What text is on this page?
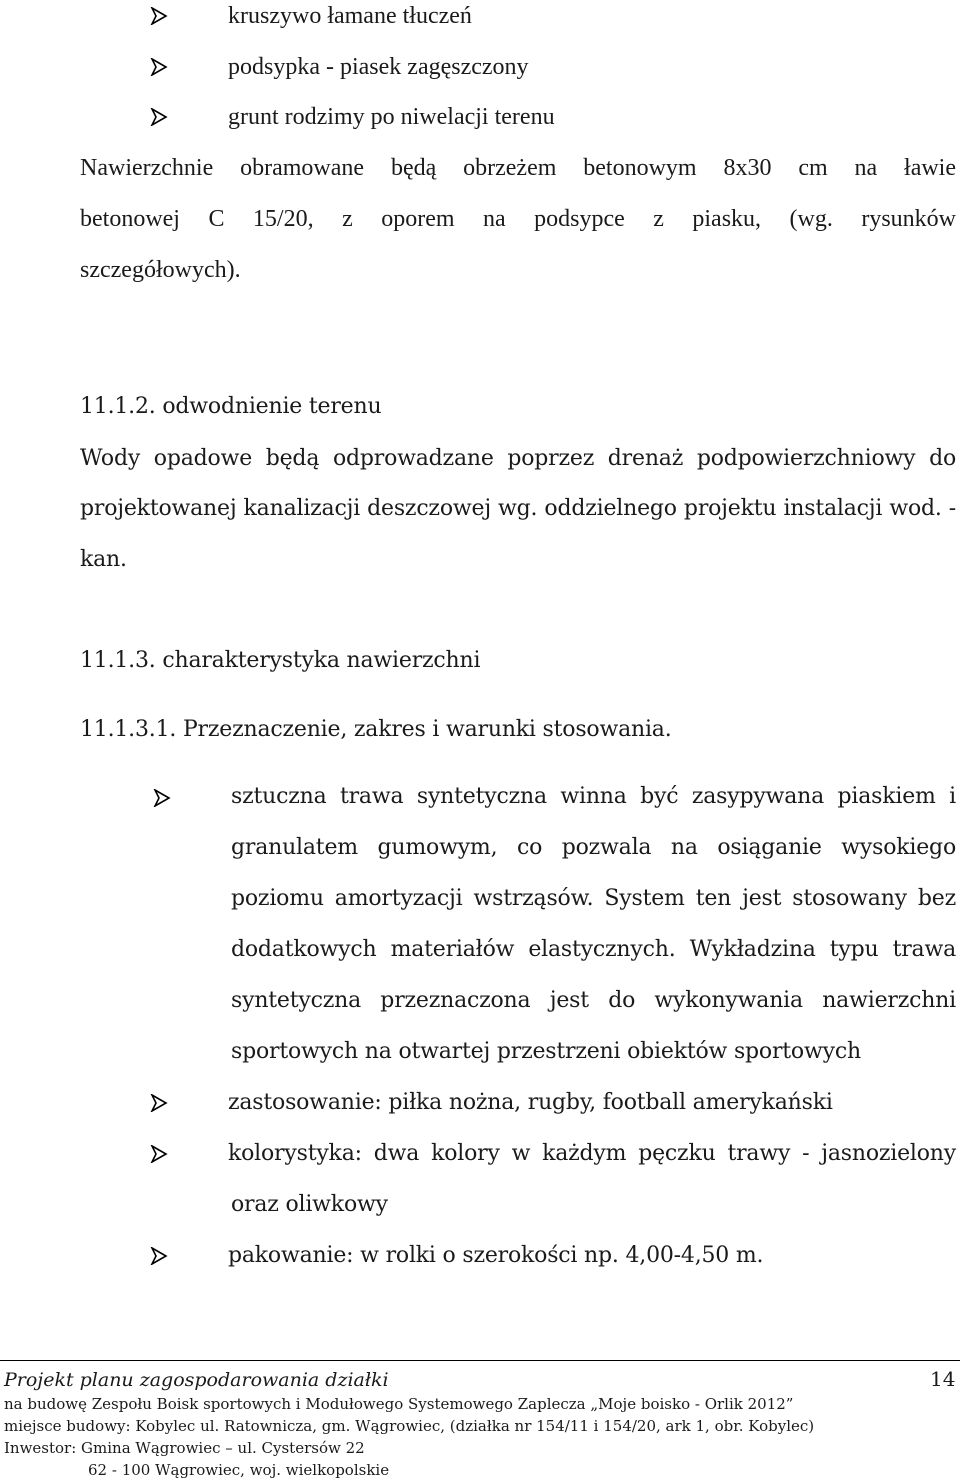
kruszywo łamane tłuczeń
podsypka - piasek zagęszczony
grunt rodzimy po niwelacji terenu
Nawierzchnie obramowane będą obrzeżem betonowym 8x30 cm na ławie
betonowej C 15/20, z oporem na podsypce z piasku, (wg. rysunków
szczegółowych).
11.1.2. odwodnienie terenu
Wody opadowe będą odprowadzane poprzez drenaż podpowierzchniowy do
projektowanej kanalizacji deszczowej wg. oddzielnego projektu instalacji wod. -
kan.
11.1.3. charakterystyka nawierzchni
11.1.3.1. Przeznaczenie, zakres i warunki stosowania.
sztuczna trawa syntetyczna winna być zasypywana piaskiem i
granulatem gumowym, co pozwala na osiąganie wysokiego
poziomu amortyzacji wstrząsów. System ten jest stosowany bez
dodatkowych materiałów elastycznych. Wykładzina typu trawa
syntetyczna przeznaczona jest do wykonywania nawierzchni
sportowych na otwartej przestrzeni obiektów sportowych
zastosowanie: piłka nożna, rugby, football amerykański
kolorystyka: dwa kolory w każdym pęczku trawy - jasnozielony
oraz oliwkowy
pakowanie: w rolki o szerokości np. 4,00-4,50 m.
Projekt planu zagospodarowania działki	14
na budowę Zespołu Boisk sportowych i Modułowego Systemowego Zaplecza „Moje boisko - Orlik 2012”
miejsce budowy: Kobylec ul. Ratownicza, gm. Wągrowiec, (działka nr 154/11 i 154/20, ark 1, obr. Kobylec)
Inwestor: Gmina Wągrowiec – ul. Cystersów 22
62 - 100 Wągrowiec, woj. wielkopolskie
